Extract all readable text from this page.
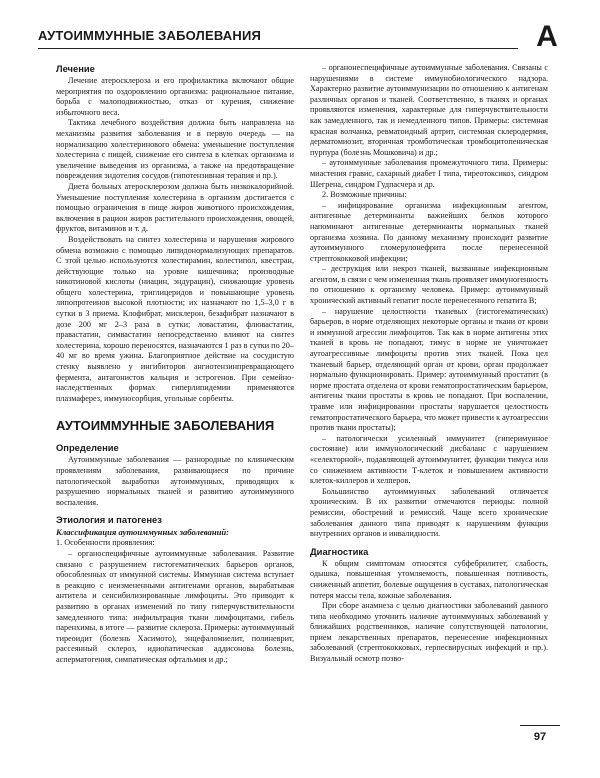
АУТОИММУННЫЕ ЗАБОЛЕВАНИЯ	А
Лечение

Лечение атеросклероза и его профилактика включают общие мероприятия по оздоровлению организма: рациональное питание, борьба с малоподвижностью, отказ от курения, снижение избыточного веса.

Тактика лечебного воздействия должна быть направлена на механизмы развития заболевания и в первую очередь — на нормализацию холестеринового обмена: уменьшение поступления холестерина с пищей, снижение его синтеза в клетках организма и увеличение выведения из организма, а также на предотвращение повреждения эндотелия сосудов (гипотензивная терапия и пр.).

Диета больных атеросклерозом должна быть низкокалорийной. Уменьшение поступления холестерина в организм достигается с помощью ограничения в пище жиров животного происхождения, включения в рацион жиров растительного происхождения, овощей, фруктов, витаминов и т. д.

Воздействовать на синтез холестерина и нарушения жирового обмена возможно с помощью липидонормализующих препаратов. С этой целью используются холестирамин, колестипол, квестран, действующие только на уровне кишечника; производные никотиновой кислоты (ниацин, эндурацин), снижающие уровень общего холестерина, триглицеридов и повышающие уровень липопротеинов высокой плотности; их назначают по 1,5–3,0 г в сутки в 3 приема. Клофибрат, мисклерон, безафибрат назначают в дозе 200 мг 2–3 раза в сутки; ловастатин, флювастатин, правастатин, симвастатин непосредственно влияют на синтез холестерина, хорошо переносятся, назначаются 1 раз в сутки по 20–40 мг во время ужина. Благоприятное действие на сосудистую стенку выявлено у ингибиторов ангиотензинпревращающего фермента, антагонистов кальция и эстрогенов. При семейно-наследственных формах гиперлипидемии применяются плазмаферез, иммуносорбция, угольные сорбенты.

АУТОИММУННЫЕ ЗАБОЛЕВАНИЯ
Определение

Аутоиммунные заболевания — разнородные по клиническим проявлениям заболевания, развивающиеся по причине патологической выработки аутоиммунных, приводящих к разрушению нормальных тканей и развитию аутоиммунного воспаления.

Этиология и патогенез
Классификация аутоиммунных заболеваний:

1. Особенности проявления:

– органоспецифичные аутоиммунные заболевания. Развитие связано с разрушением гистогематических барьеров органов, обособленных от иммунной системы. Иммунная система вступает в реакцию с неизмененными антигенами органов, вырабатывая антитела и сенсибилизированные лимфоциты. Это приводит к развитию в органах изменений по типу гиперчувствительности замедленного типа: инфильтрация ткани лимфоцитами, гибель паренхимы, в итоге — развитие склероза. Примеры: аутоиммунный тиреоидит (болезнь Хасимото), энцефаломиелит, полиневрит, рассеянный склероз, идиопатическая аддисонова болезнь, асперматогения, симпатическая офтальмия и др.;

– органонеспецифичные аутоиммунные заболевания. Связаны с нарушениями в системе иммунобиологического надзора. Характерно развитие аутоиммунизации по отношению к антигенам различных органов и тканей. Соответственно, в тканях и органах проявляются изменения, характерные для гиперчувствительности как замедленного, так и немедленного типов. Примеры: системная красная волчанка, ревматоидный артрит, системная склеродермия, дерматомиозит, вторичная тромботическая тромбоцитопеническая пурпура (болезнь Мошковича) и др.;

– аутоиммунные заболевания промежуточного типа. Примеры: миастения гравис, сахарный диабет I типа, тиреотоксикоз, синдром Шегрена, синдром Гудпасчера и др.

2. Возможные причины:

– инфицирование организма инфекционным агентом, антигенные детерминанты важнейших белков которого напоминают антигенные детерминанты нормальных тканей организма хозяина. По данному механизму происходит развитие аутоиммунного гломерулонефрита после перенесенной стрептококковой инфекции;

– деструкция или некроз тканей, вызванные инфекционным агентом, в связи с чем измененная ткань проявляет иммуногенность по отношению к организму человека. Пример: аутоиммунный хронический активный гепатит после перенесенного гепатита В;

– нарушение целостности тканевых (гистогематических) барьеров, в норме отделяющих некоторые органы и ткани от крови и иммунной агрессии лимфоцитов. Так как в норме антигены этих тканей в кровь не попадают, тимус в норме не уничтожает аутоагрессивные лимфоциты против этих тканей. Пока цел тканевый барьер, отделяющий орган от крови, орган продолжает нормально функционировать. Пример: аутоиммунный простатит (в норме простата отделена от крови гематопростатическим барьером, антигены ткани простаты в кровь не попадают. При воспалении, травме или инфицировании простаты нарушается целостность гематопростатического барьера, что может привести к аутоагрессии против ткани простаты);

– патологически усиленный иммунитет (гиперимунное состояние) или иммунологический дисбаланс с нарушением «селекторной», подавляющей аутоиммунитет, функции тимуса или со снижением активности Т-клеток и повышением активности клеток-киллеров и хелперов.

Большинство аутоиммунных заболеваний отличается хроническим. В их развитии отмечаются периоды: полной ремиссии, обострений и ремиссий. Чаще всего хронические заболевания данного типа приводят к нарушениям функции внутренних органов и инвалидности.

Диагностика

К общим симптомам относятся субфебрилитет, слабость, одышка, повышенная утомляемость, повышенная потливость, сниженный аппетит, болевые ощущения в суставах, патологическая потеря массы тела, кожные заболевания.

При сборе анамнеза с целью диагностики заболеваний данного типа необходимо уточнить наличие аутоиммунных заболеваний у ближайших родственников, наличие сопутствующей патологии, прием лекарственных препаратов, перенесение инфекционных заболеваний (стрептококковых, герпесвирусных инфекций и пр.). Визуальный осмотр позво-

97
